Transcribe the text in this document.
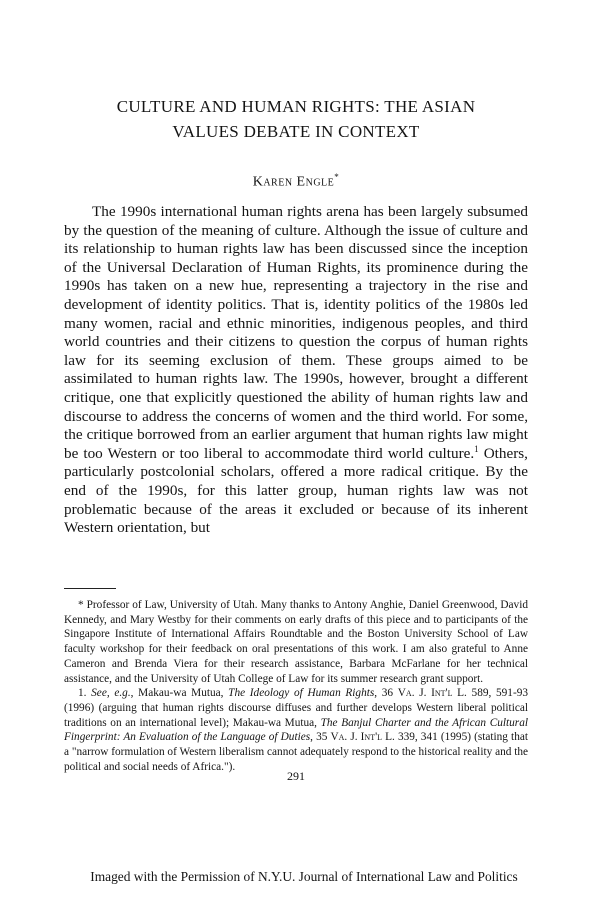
CULTURE AND HUMAN RIGHTS: THE ASIAN
VALUES DEBATE IN CONTEXT
Karen Engle*

The 1990s international human rights arena has been largely subsumed by the question of the meaning of culture. Although the issue of culture and its relationship to human rights law has been discussed since the inception of the Universal Declaration of Human Rights, its prominence during the 1990s has taken on a new hue, representing a trajectory in the rise and development of identity politics. That is, identity politics of the 1980s led many women, racial and ethnic minorities, indigenous peoples, and third world countries and their citizens to question the corpus of human rights law for its seeming exclusion of them. These groups aimed to be assimilated to human rights law. The 1990s, however, brought a different critique, one that explicitly questioned the ability of human rights law and discourse to address the concerns of women and the third world. For some, the critique borrowed from an earlier argument that human rights law might be too Western or too liberal to accommodate third world culture.$^1$ Others, particularly postcolonial scholars, offered a more radical critique. By the end of the 1990s, for this latter group, human rights law was not problematic because of the areas it excluded or because of its inherent Western orientation, but

* Professor of Law, University of Utah. Many thanks to Antony Anghie, Daniel Greenwood, David Kennedy, and Mary Westby for their comments on early drafts of this piece and to participants of the Singapore Institute of International Affairs Roundtable and the Boston University School of Law faculty workshop for their feedback on oral presentations of this work. I am also grateful to Anne Cameron and Brenda Viera for their research assistance, Barbara McFarlane for her technical assistance, and the University of Utah College of Law for its summer research grant support.

1. See, e.g., Makau-wa Mutua, The Ideology of Human Rights, 36 Va. J. Int'l L. 589, 591-93 (1996) (arguing that human rights discourse diffuses and further develops Western liberal political traditions on an international level); Makau-wa Mutua, The Banjul Charter and the African Cultural Fingerprint: An Evaluation of the Language of Duties, 35 Va. J. Int'l L. 339, 341 (1995) (stating that a "narrow formulation of Western liberalism cannot adequately respond to the historical reality and the political and social needs of Africa.").

291
Imaged with the Permission of N.Y.U. Journal of International Law and Politics
